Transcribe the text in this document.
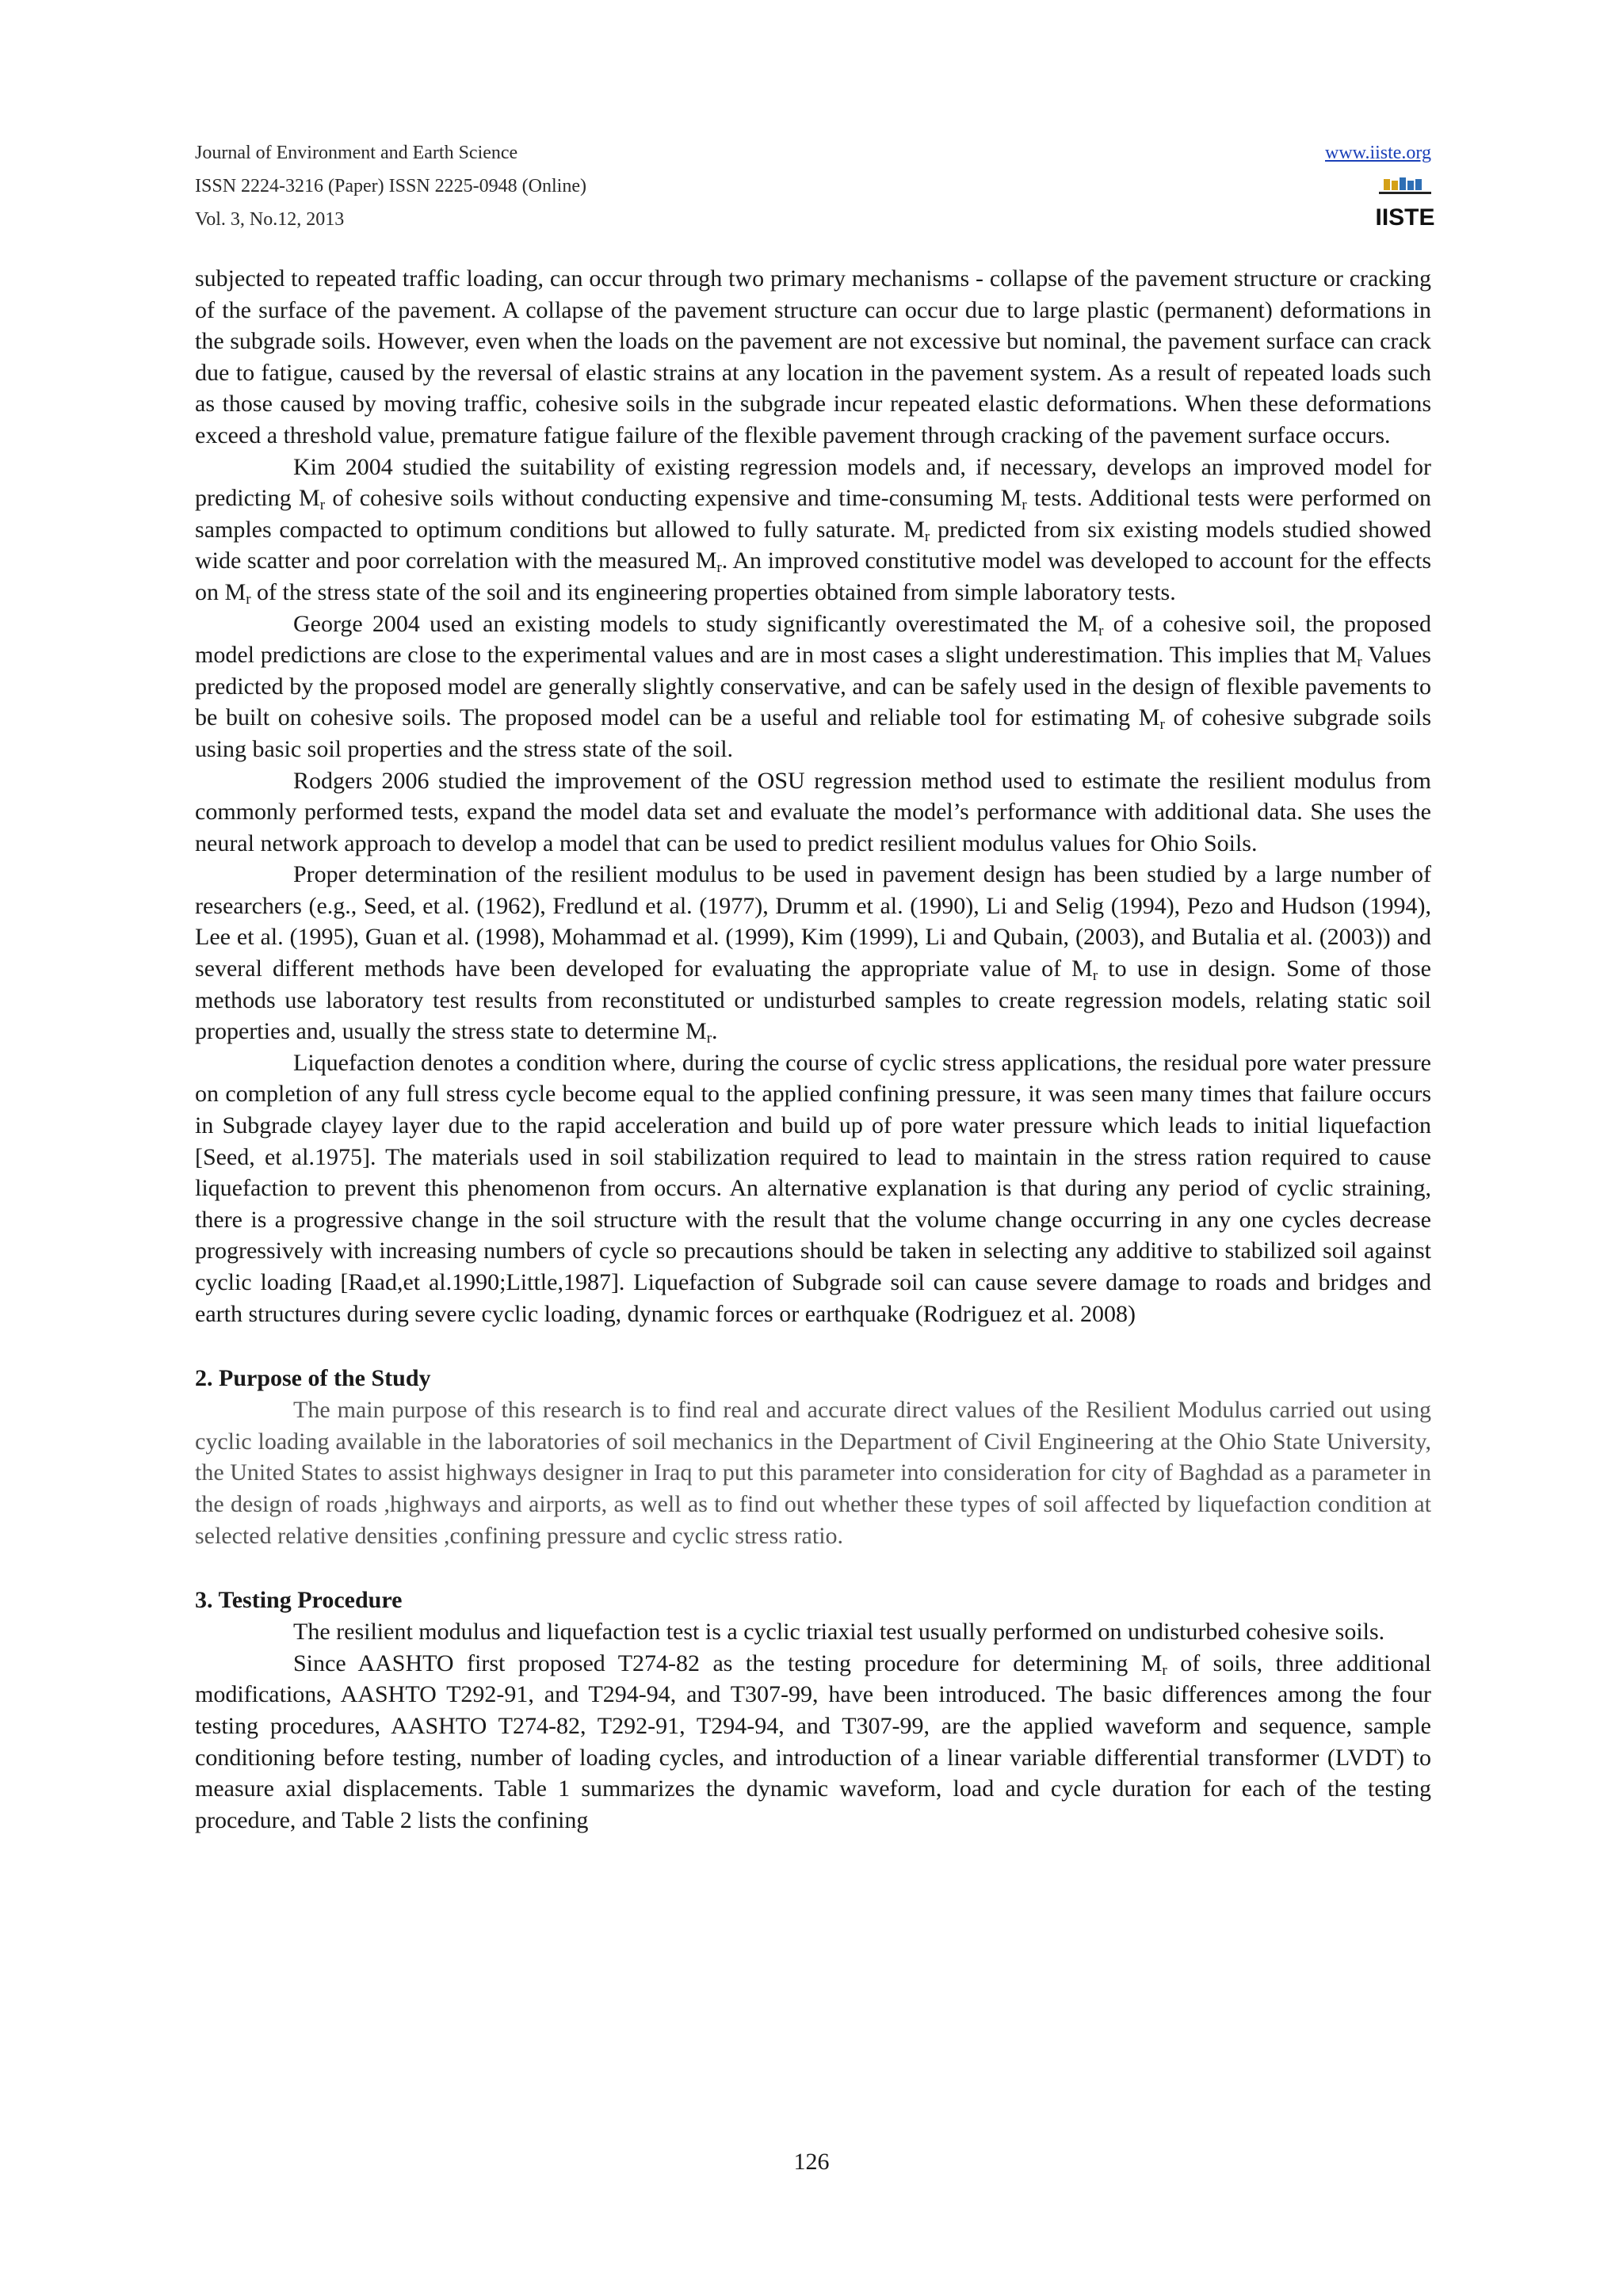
Journal of Environment and Earth Science
ISSN 2224-3216 (Paper) ISSN 2225-0948 (Online)
Vol. 3, No.12, 2013
www.iiste.org
IISTE

subjected to repeated traffic loading, can occur through two primary mechanisms - collapse of the pavement structure or cracking of the surface of the pavement. A collapse of the pavement structure can occur due to large plastic (permanent) deformations in the subgrade soils. However, even when the loads on the pavement are not excessive but nominal, the pavement surface can crack due to fatigue, caused by the reversal of elastic strains at any location in the pavement system. As a result of repeated loads such as those caused by moving traffic, cohesive soils in the subgrade incur repeated elastic deformations. When these deformations exceed a threshold value, premature fatigue failure of the flexible pavement through cracking of the pavement surface occurs.

Kim 2004 studied the suitability of existing regression models and, if necessary, develops an improved model for predicting $M_r$ of cohesive soils without conducting expensive and time-consuming $M_r$ tests. Additional tests were performed on samples compacted to optimum conditions but allowed to fully saturate. $M_r$ predicted from six existing models studied showed wide scatter and poor correlation with the measured $M_r$. An improved constitutive model was developed to account for the effects on $M_r$ of the stress state of the soil and its engineering properties obtained from simple laboratory tests.

George 2004 used an existing models to study significantly overestimated the $M_r$ of a cohesive soil, the proposed model predictions are close to the experimental values and are in most cases a slight underestimation. This implies that $M_r$ Values predicted by the proposed model are generally slightly conservative, and can be safely used in the design of flexible pavements to be built on cohesive soils. The proposed model can be a useful and reliable tool for estimating $M_r$ of cohesive subgrade soils using basic soil properties and the stress state of the soil.

Rodgers 2006 studied the improvement of the OSU regression method used to estimate the resilient modulus from commonly performed tests, expand the model data set and evaluate the model’s performance with additional data. She uses the neural network approach to develop a model that can be used to predict resilient modulus values for Ohio Soils.

Proper determination of the resilient modulus to be used in pavement design has been studied by a large number of researchers (e.g., Seed, et al. (1962), Fredlund et al. (1977), Drumm et al. (1990), Li and Selig (1994), Pezo and Hudson (1994), Lee et al. (1995), Guan et al. (1998), Mohammad et al. (1999), Kim (1999), Li and Qubain, (2003), and Butalia et al. (2003)) and several different methods have been developed for evaluating the appropriate value of $M_r$ to use in design. Some of those methods use laboratory test results from reconstituted or undisturbed samples to create regression models, relating static soil properties and, usually the stress state to determine $M_r$.

Liquefaction denotes a condition where, during the course of cyclic stress applications, the residual pore water pressure on completion of any full stress cycle become equal to the applied confining pressure, it was seen many times that failure occurs in Subgrade clayey layer due to the rapid acceleration and build up of pore water pressure which leads to initial liquefaction [Seed, et al.1975]. The materials used in soil stabilization required to lead to maintain in the stress ration required to cause liquefaction to prevent this phenomenon from occurs. An alternative explanation is that during any period of cyclic straining, there is a progressive change in the soil structure with the result that the volume change occurring in any one cycles decrease progressively with increasing numbers of cycle so precautions should be taken in selecting any additive to stabilized soil against cyclic loading [Raad,et al.1990;Little,1987]. Liquefaction of Subgrade soil can cause severe damage to roads and bridges and earth structures during severe cyclic loading, dynamic forces or earthquake (Rodriguez et al. 2008)

2. Purpose of the Study

The main purpose of this research is to find real and accurate direct values of the Resilient Modulus carried out using cyclic loading available in the laboratories of soil mechanics in the Department of Civil Engineering at the Ohio State University, the United States to assist highways designer in Iraq to put this parameter into consideration for city of Baghdad as a parameter in the design of roads ,highways and airports, as well as to find out whether these types of soil affected by liquefaction condition at selected relative densities ,confining pressure and cyclic stress ratio.

3. Testing Procedure

The resilient modulus and liquefaction test is a cyclic triaxial test usually performed on undisturbed cohesive soils.

Since AASHTO first proposed T274-82 as the testing procedure for determining $M_r$ of soils, three additional modifications, AASHTO T292-91, and T294-94, and T307-99, have been introduced. The basic differences among the four testing procedures, AASHTO T274-82, T292-91, T294-94, and T307-99, are the applied waveform and sequence, sample conditioning before testing, number of loading cycles, and introduction of a linear variable differential transformer (LVDT) to measure axial displacements. Table 1 summarizes the dynamic waveform, load and cycle duration for each of the testing procedure, and Table 2 lists the confining

126
